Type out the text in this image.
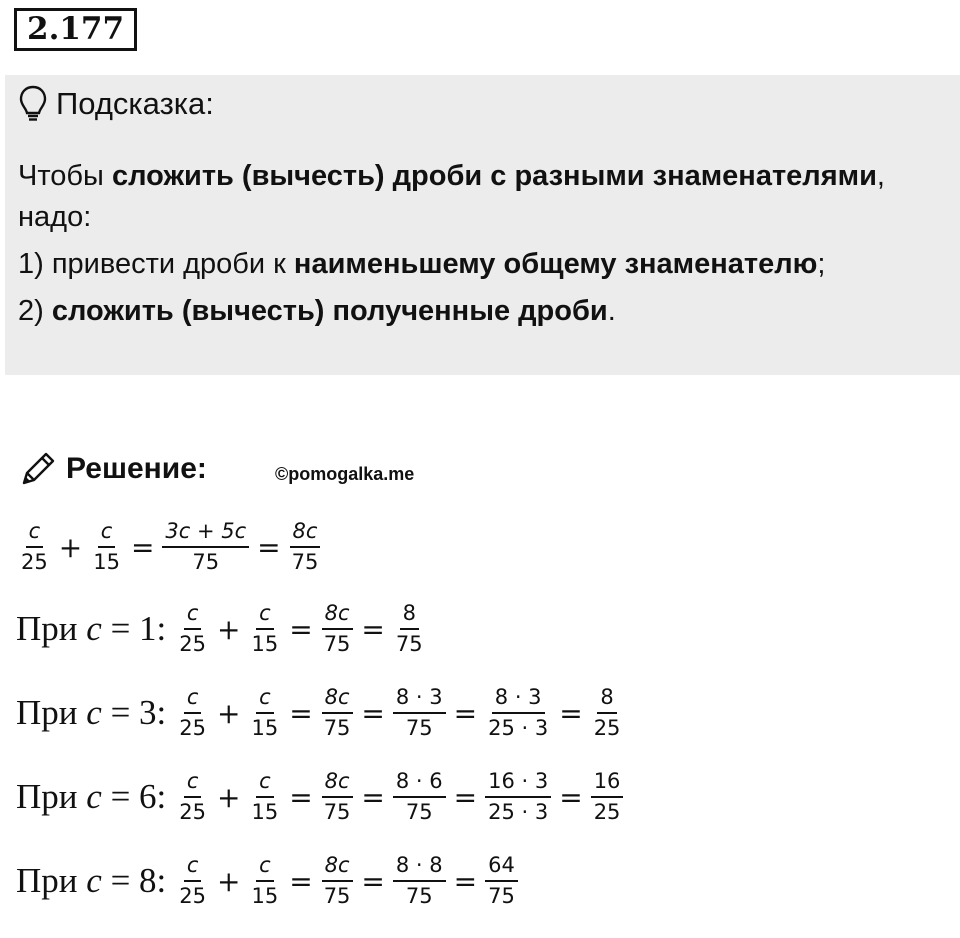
2.177
Подсказка:
Чтобы сложить (вычесть) дроби с разными знаменателями,
надо:
1) привести дроби к наименьшему общему знаменателю;
2) сложить (вычесть) полученные дроби.
Решение:	©pomogalka.me
$\frac{c}{25} + \frac{c}{15} = \frac{3c + 5c}{75} = \frac{8c}{75}$
При c = 1: $\frac{c}{25} + \frac{c}{15} = \frac{8c}{75} = \frac{8}{75}$
При c = 3: $\frac{c}{25} + \frac{c}{15} = \frac{8c}{75} = \frac{8 \cdot 3}{75} = \frac{8 \cdot 3}{25 \cdot 3} = \frac{8}{25}$
При c = 6: $\frac{c}{25} + \frac{c}{15} = \frac{8c}{75} = \frac{8 \cdot 6}{75} = \frac{16 \cdot 3}{25 \cdot 3} = \frac{16}{25}$
При c = 8: $\frac{c}{25} + \frac{c}{15} = \frac{8c}{75} = \frac{8 \cdot 8}{75} = \frac{64}{75}$
